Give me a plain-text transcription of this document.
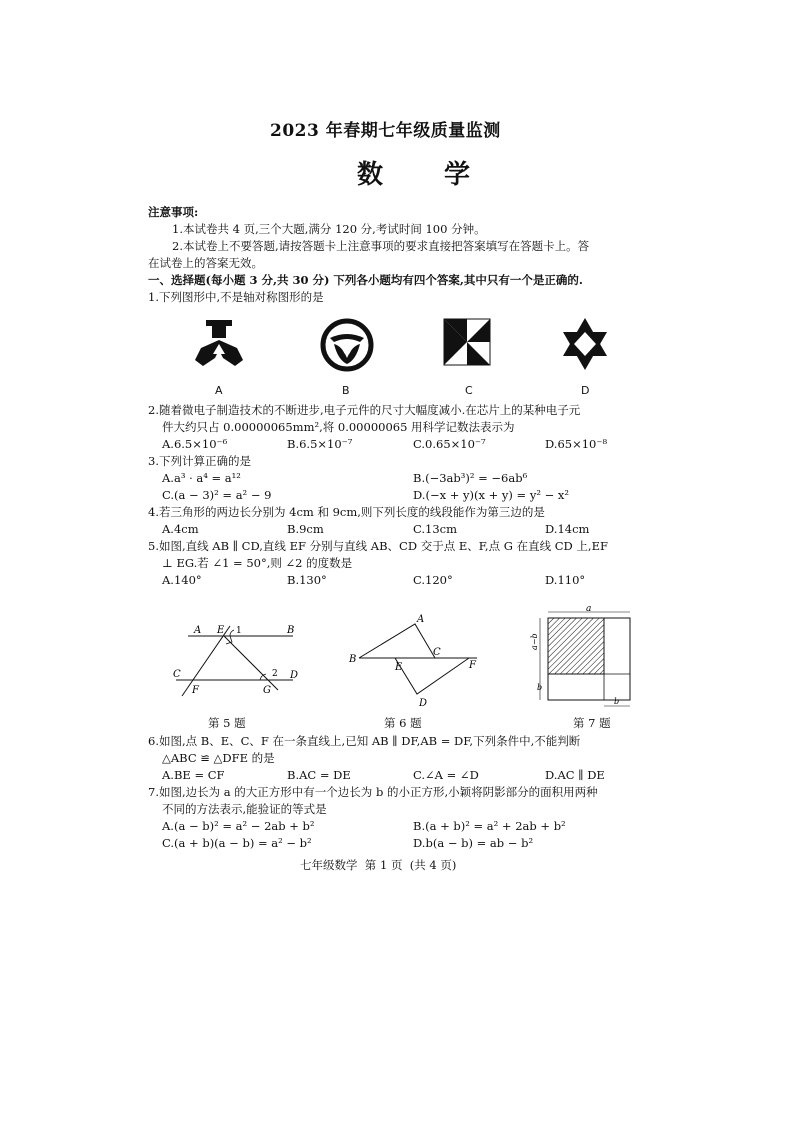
2023 年春期七年级质量监测
数 学
注意事项:
1.本试卷共 4 页,三个大题,满分 120 分,考试时间 100 分钟。
2.本试卷上不要答题,请按答题卡上注意事项的要求直接把答案填写在答题卡上。答
在试卷上的答案无效。
一、选择题(每小题 3 分,共 30 分) 下列各小题均有四个答案,其中只有一个是正确的.
1.下列图形中,不是轴对称图形的是
A	B	C	D
2.随着微电子制造技术的不断进步,电子元件的尺寸大幅度减小.在芯片上的某种电子元
件大约只占 0.00000065mm²,将 0.00000065 用科学记数法表示为
A.6.5×10⁻⁶	B.6.5×10⁻⁷	C.0.65×10⁻⁷	D.65×10⁻⁸
3.下列计算正确的是
A.a³ · a⁴ = a¹²	B.(−3ab³)² = −6ab⁶
C.(a − 3)² = a² − 9	D.(−x + y)(x + y) = y² − x²
4.若三角形的两边长分别为 4cm 和 9cm,则下列长度的线段能作为第三边的是
A.4cm	B.9cm	C.13cm	D.14cm
5.如图,直线 AB ∥ CD,直线 EF 分别与直线 AB、CD 交于点 E、F,点 G 在直线 CD 上,EF
⊥ EG.若 ∠1 = 50°,则 ∠2 的度数是
A.140°	B.130°	C.120°	D.110°
A E 1	B
C	2 D
F	G
第 5 题
A
B
C
E	F
D
第 6 题
a
a−b
b
b
第 7 题
6.如图,点 B、E、C、F 在一条直线上,已知 AB ∥ DF,AB = DF,下列条件中,不能判断
△ABC ≌ △DFE 的是
A.BE = CF	B.AC = DE	C.∠A = ∠D	D.AC ∥ DE
7.如图,边长为 a 的大正方形中有一个边长为 b 的小正方形,小颖将阴影部分的面积用两种
不同的方法表示,能验证的等式是
A.(a − b)² = a² − 2ab + b²	B.(a + b)² = a² + 2ab + b²
C.(a + b)(a − b) = a² − b²	D.b(a − b) = ab − b²
七年级数学  第 1 页  (共 4 页)
